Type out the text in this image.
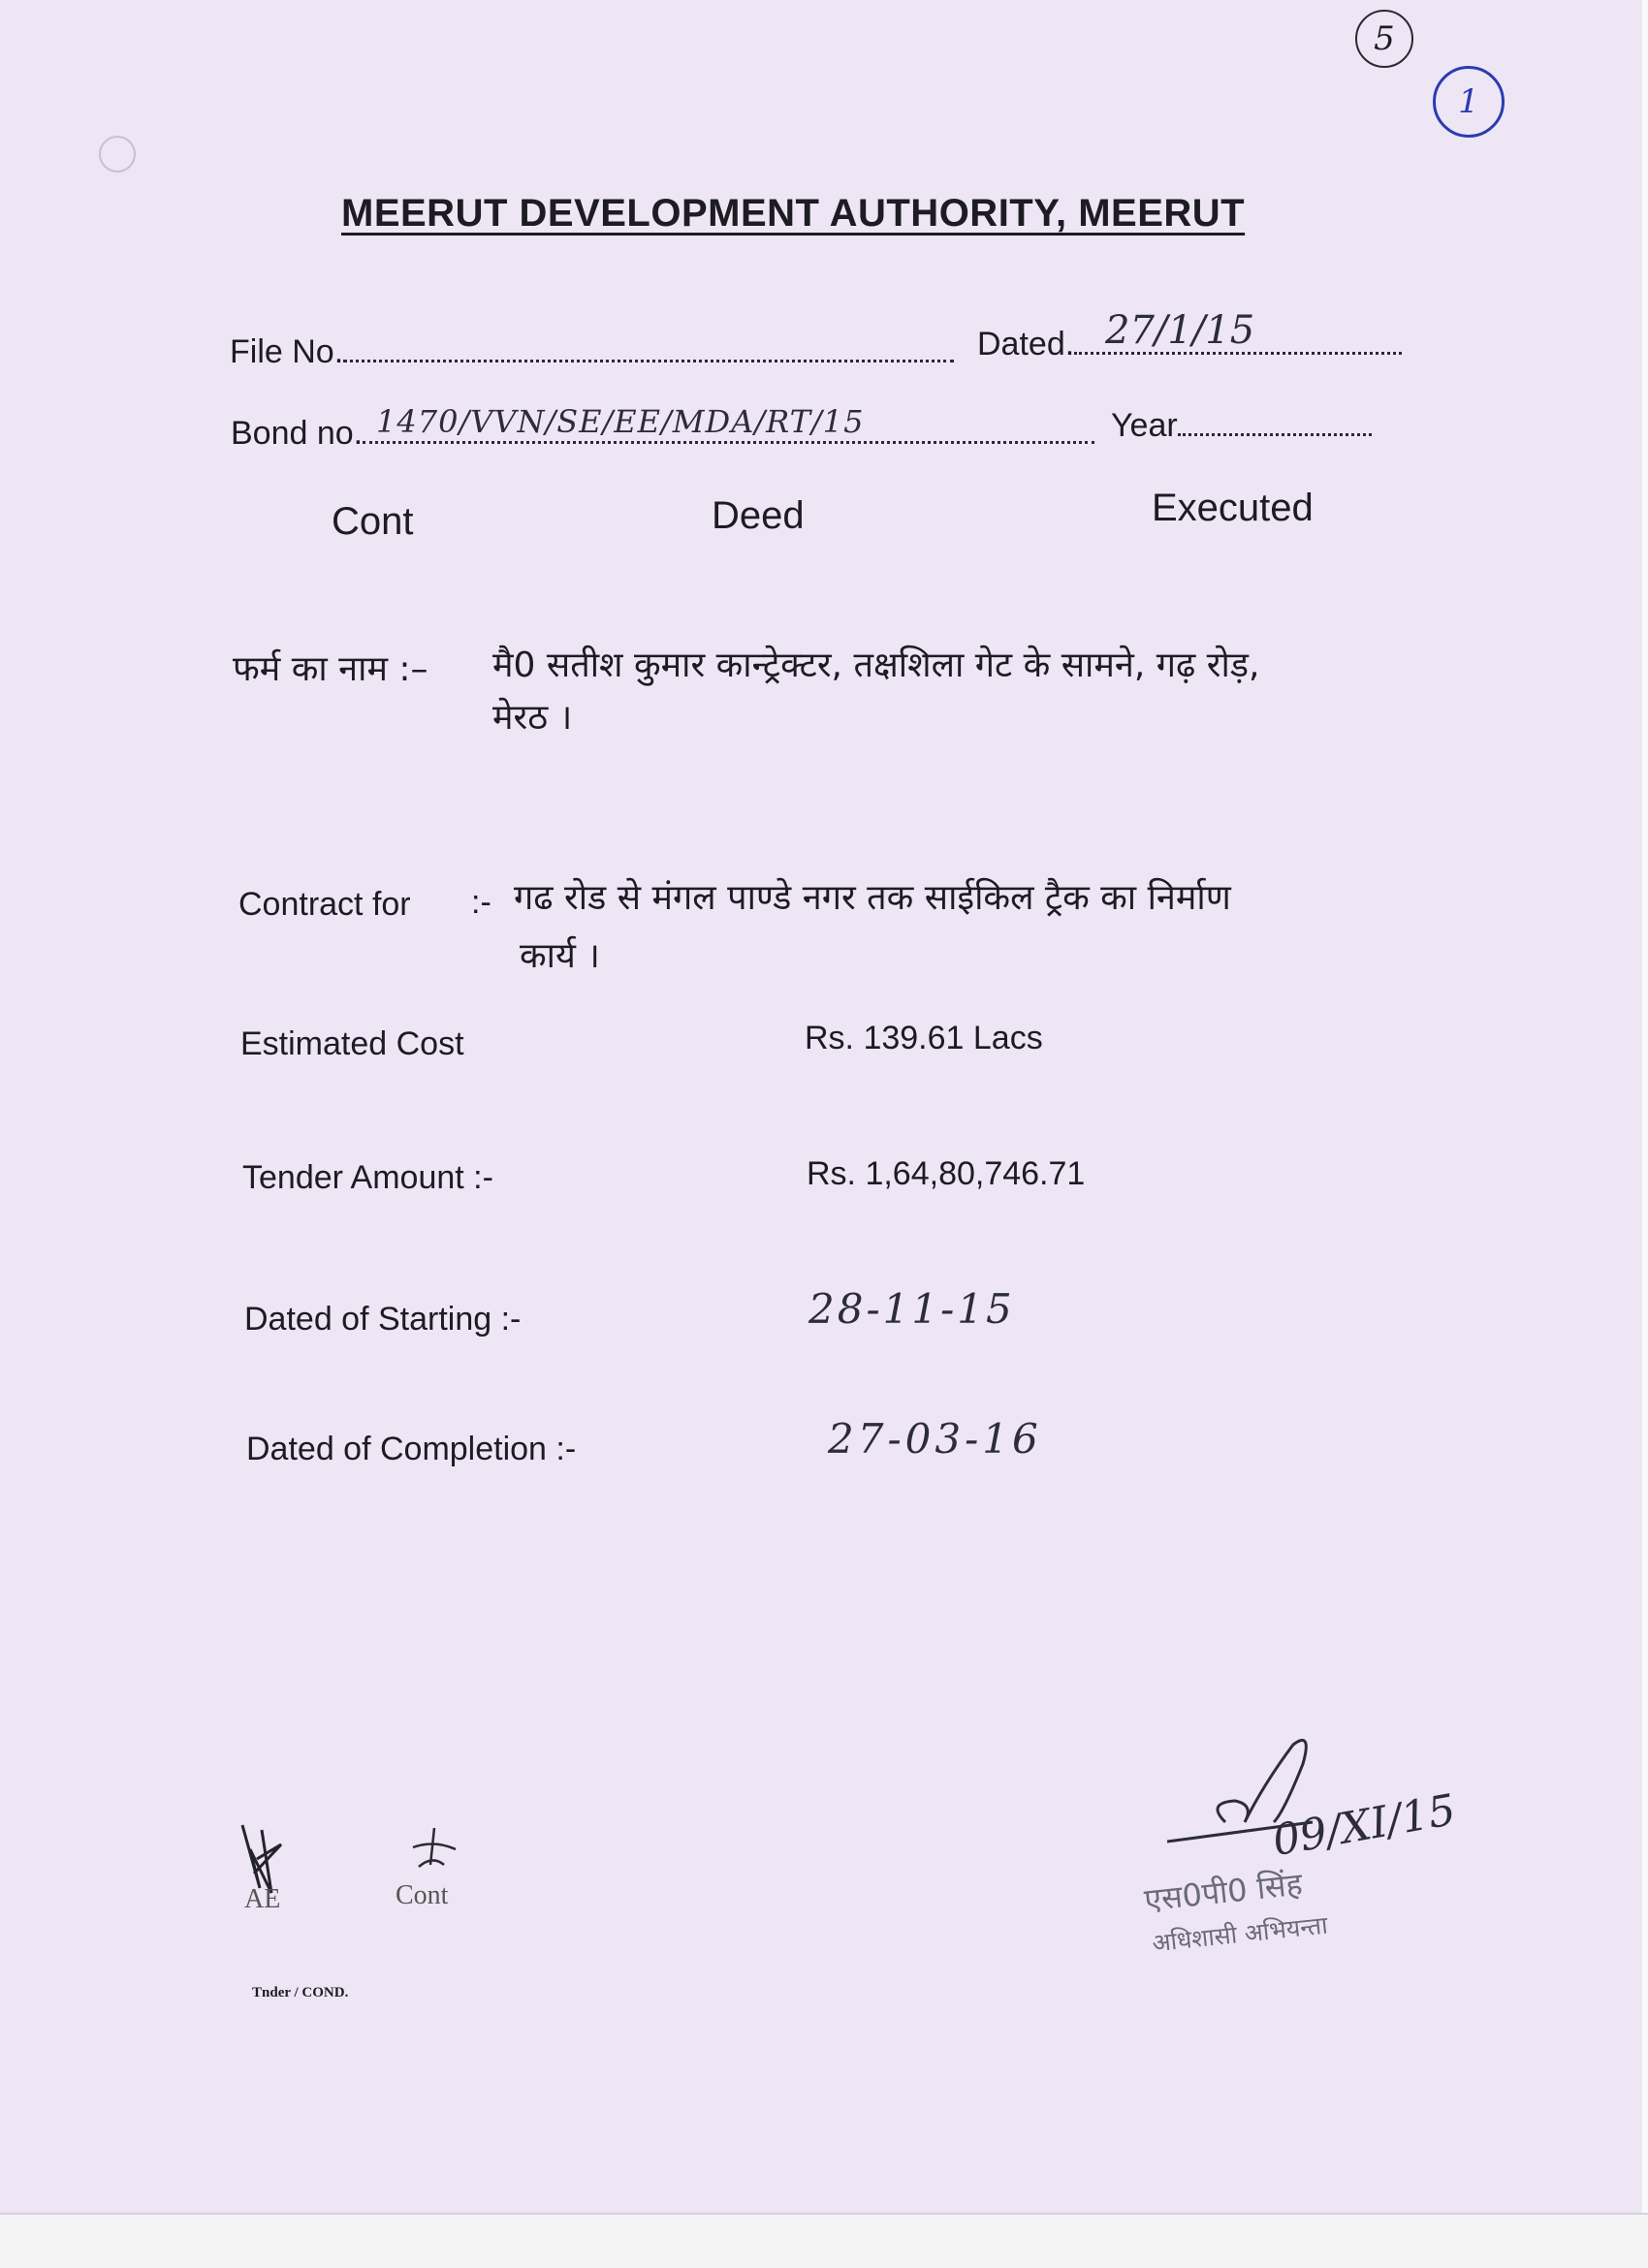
5
1
MEERUT DEVELOPMENT AUTHORITY, MEERUT
File No.	Dated. 27/1/15
Bond no. 1470/VVN/SE/EE/MDA/RT/15	Year
Cont	Deed	Executed
फर्म का नाम :– मै0 सतीश कुमार कान्ट्रेक्टर, तक्षशिला गेट के सामने, गढ़ रोड़,
मेरठ ।
Contract for :- गढ रोड से मंगल पाण्डे नगर तक साईकिल ट्रैक का निर्माण
कार्य ।
Estimated Cost	Rs. 139.61 Lacs
Tender Amount :-	Rs. 1,64,80,746.71
Dated of Starting :-	28-11-15
Dated of Completion :-	27-03-16
AE	Cont
09/XI/15
एस0पी0 सिंह
अधिशासी अभियन्ता
Tnder / COND.
